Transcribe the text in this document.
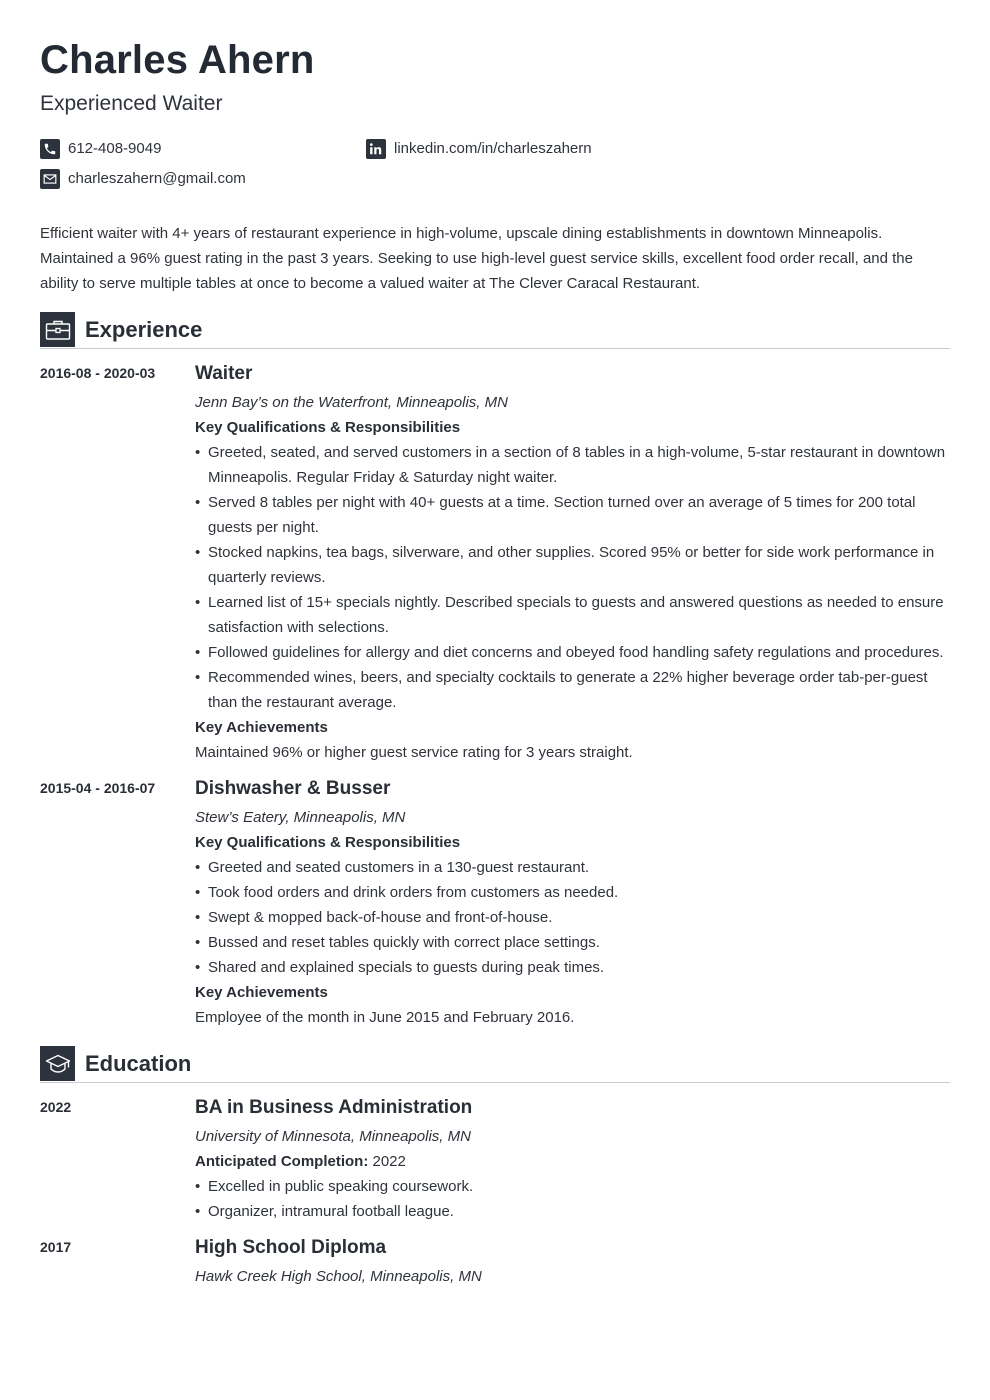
Charles Ahern
Experienced Waiter
612-408-9049	linkedin.com/in/charleszahern
charleszahern@gmail.com

Efficient waiter with 4+ years of restaurant experience in high-volume, upscale dining establishments in downtown Minneapolis. Maintained a 96% guest rating in the past 3 years. Seeking to use high-level guest service skills, excellent food order recall, and the ability to serve multiple tables at once to become a valued waiter at The Clever Caracal Restaurant.

Experience
2016-08 - 2020-03 Waiter
Jenn Bay’s on the Waterfront, Minneapolis, MN
Key Qualifications & Responsibilities
• Greeted, seated, and served customers in a section of 8 tables in a high-volume, 5-star restaurant in downtown Minneapolis. Regular Friday & Saturday night waiter.
• Served 8 tables per night with 40+ guests at a time. Section turned over an average of 5 times for 200 total guests per night.
• Stocked napkins, tea bags, silverware, and other supplies. Scored 95% or better for side work performance in quarterly reviews.
• Learned list of 15+ specials nightly. Described specials to guests and answered questions as needed to ensure satisfaction with selections.
• Followed guidelines for allergy and diet concerns and obeyed food handling safety regulations and procedures.
• Recommended wines, beers, and specialty cocktails to generate a 22% higher beverage order tab-per-guest than the restaurant average.
Key Achievements
Maintained 96% or higher guest service rating for 3 years straight.
2015-04 - 2016-07 Dishwasher & Busser
Stew’s Eatery, Minneapolis, MN
Key Qualifications & Responsibilities
• Greeted and seated customers in a 130-guest restaurant.
• Took food orders and drink orders from customers as needed.
• Swept & mopped back-of-house and front-of-house.
• Bussed and reset tables quickly with correct place settings.
• Shared and explained specials to guests during peak times.
Key Achievements
Employee of the month in June 2015 and February 2016.
Education
2022	BA in Business Administration
University of Minnesota, Minneapolis, MN
Anticipated Completion: 2022
• Excelled in public speaking coursework.
• Organizer, intramural football league.
2017	High School Diploma
Hawk Creek High School, Minneapolis, MN
